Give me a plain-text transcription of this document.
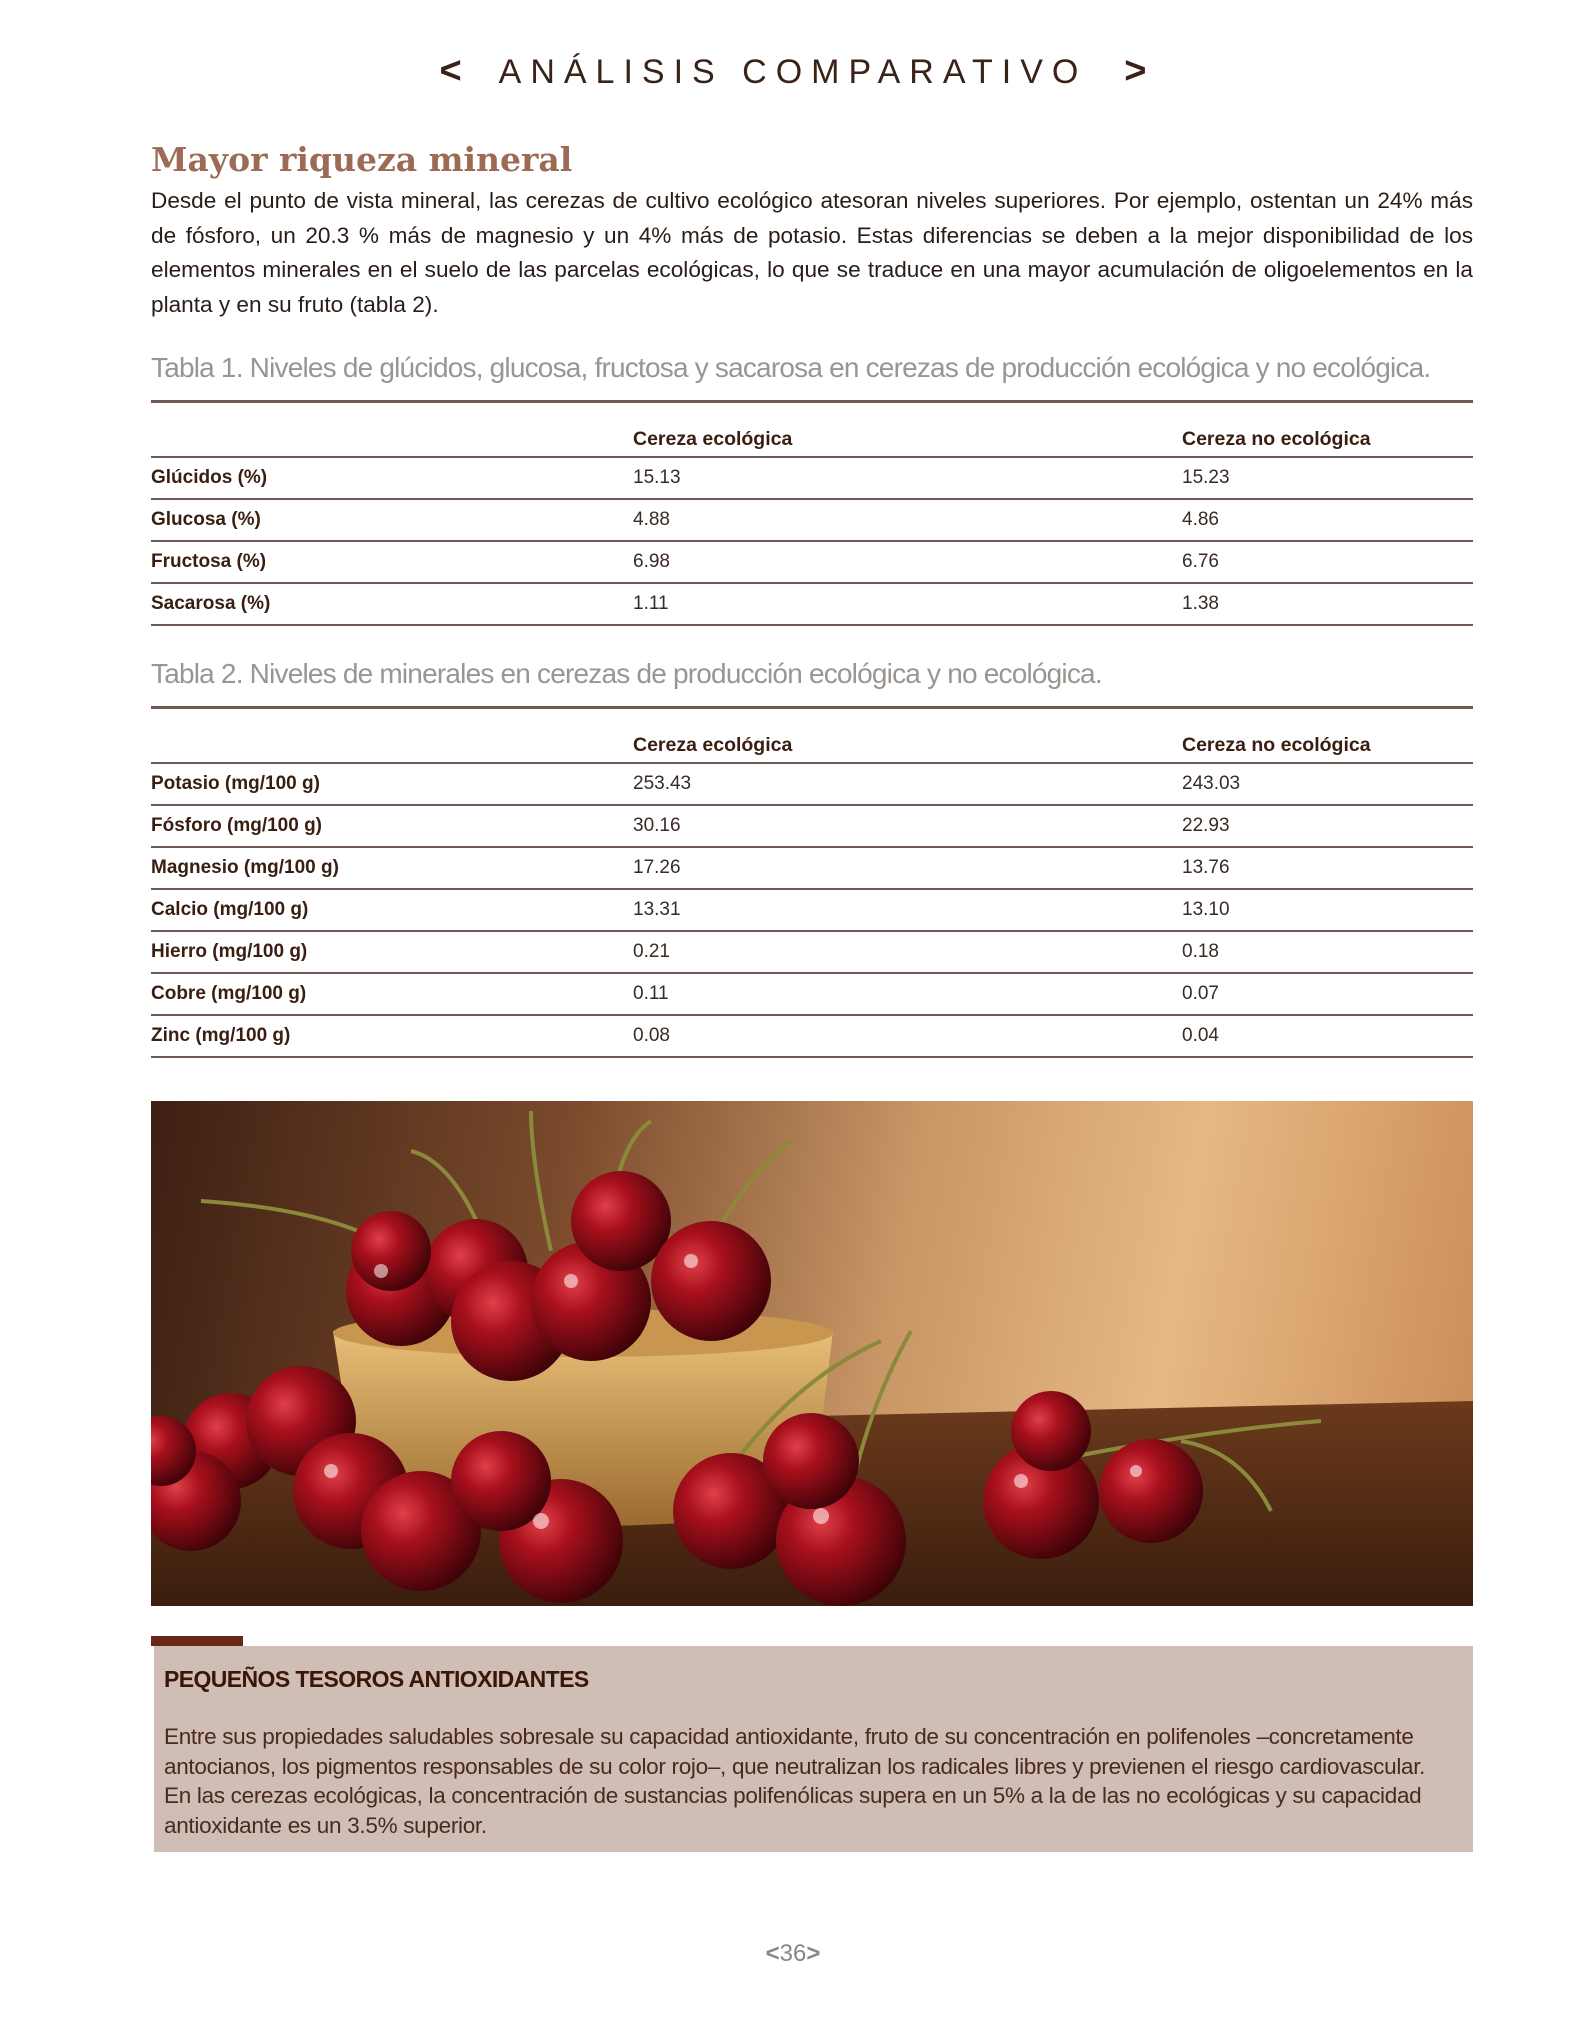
< ANÁLISIS COMPARATIVO >
Mayor riqueza mineral
Desde el punto de vista mineral, las cerezas de cultivo ecológico atesoran niveles superiores. Por ejemplo, ostentan un 24% más de fósforo, un 20.3 % más de magnesio y un 4% más de potasio. Estas diferencias se deben a la mejor disponibilidad de los elementos minerales en el suelo de las parcelas ecológicas, lo que se traduce en una mayor acumulación de oligoelementos en la planta y en su fruto (tabla 2).
Tabla 1. Niveles de glúcidos, glucosa, fructosa y sacarosa en cerezas de producción ecológica y no ecológica.
	Cereza ecológica	Cereza no ecológica
Glúcidos (%)	15.13	15.23
Glucosa (%)	4.88	4.86
Fructosa (%)	6.98	6.76
Sacarosa (%)	1.11	1.38
Tabla 2. Niveles de minerales en cerezas de producción ecológica y no ecológica.
	Cereza ecológica	Cereza no ecológica
Potasio (mg/100 g)	253.43	243.03
Fósforo (mg/100 g)	30.16	22.93
Magnesio (mg/100 g)	17.26	13.76
Calcio (mg/100 g)	13.31	13.10
Hierro (mg/100 g)	0.21	0.18
Cobre (mg/100 g)	0.11	0.07
Zinc (mg/100 g)	0.08	0.04
PEQUEÑOS TESOROS ANTIOXIDANTES
Entre sus propiedades saludables sobresale su capacidad antioxidante, fruto de su concentración en polifenoles –concretamente antocianos, los pigmentos responsables de su color rojo–, que neutralizan los radicales libres y previenen el riesgo cardiovascular. En las cerezas ecológicas, la concentración de sustancias polifenólicas supera en un 5% a la de las no ecológicas y su capacidad antioxidante es un 3.5% superior.
<36>
